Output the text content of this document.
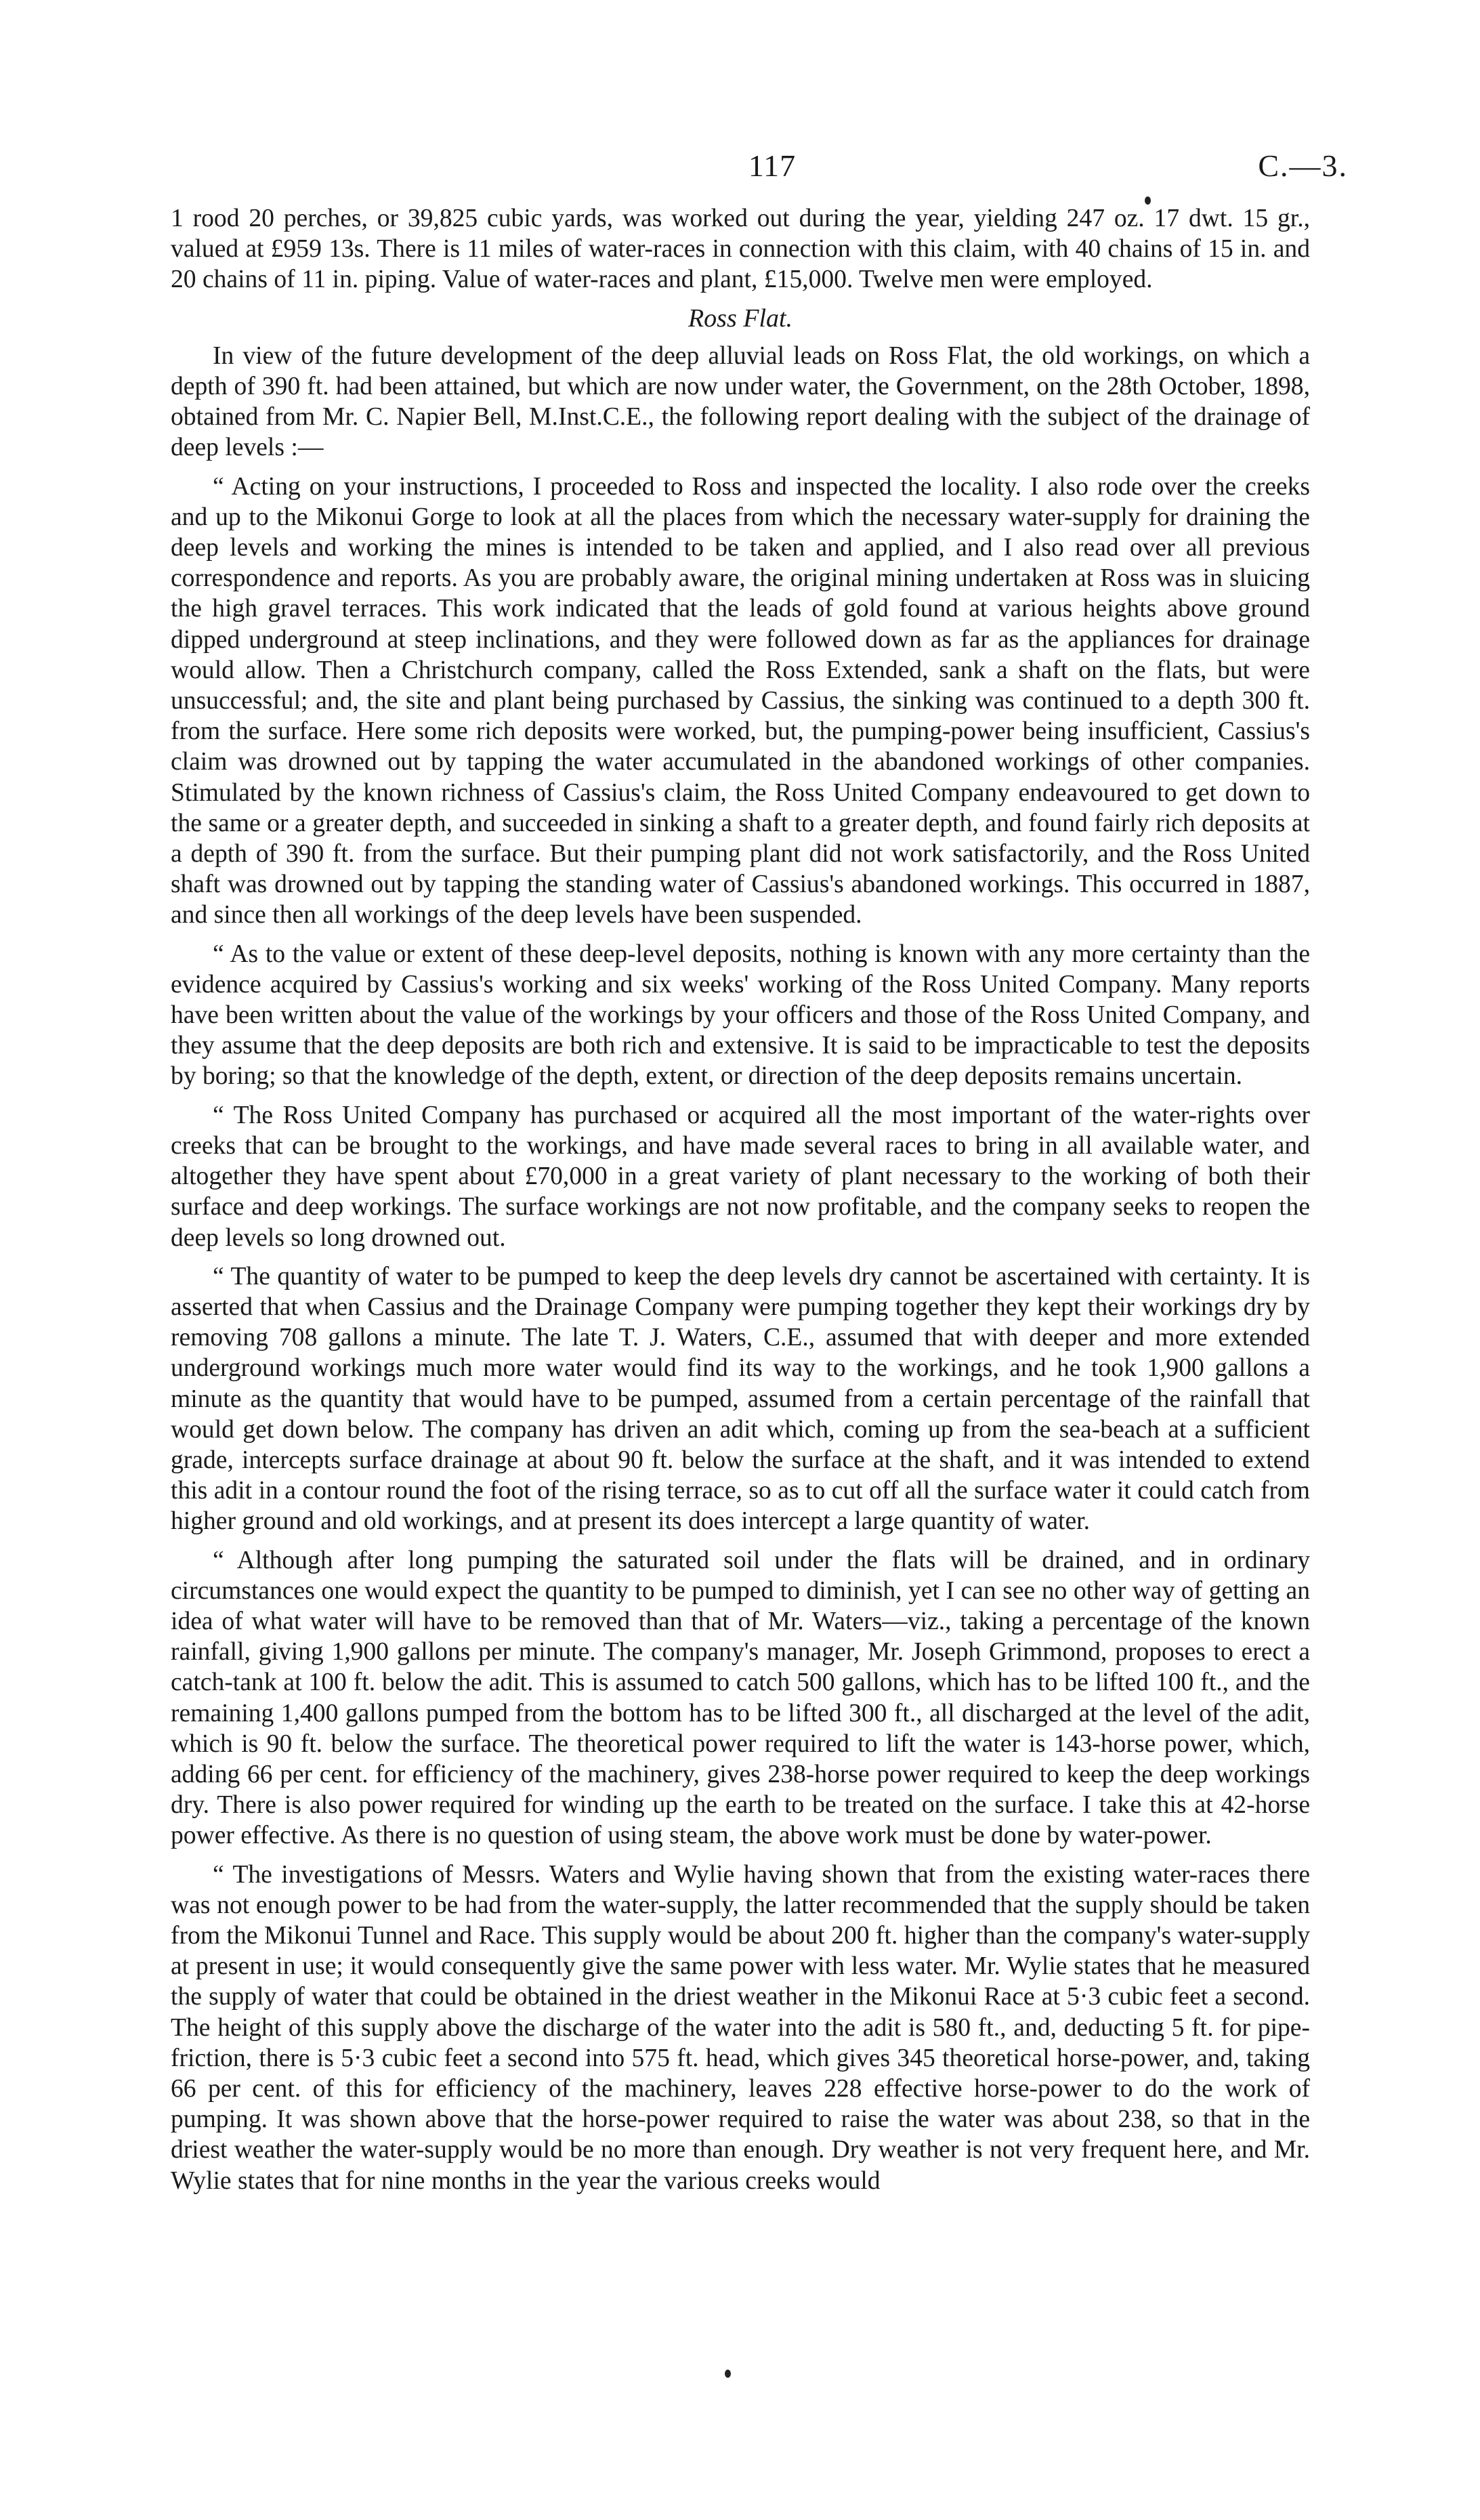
117	C.—3.

1 rood 20 perches, or 39,825 cubic yards, was worked out during the year, yielding 247 oz. 17 dwt. 15 gr., valued at £959 13s. There is 11 miles of water-races in connection with this claim, with 40 chains of 15 in. and 20 chains of 11 in. piping. Value of water-races and plant, £15,000. Twelve men were employed.

Ross Flat.

In view of the future development of the deep alluvial leads on Ross Flat, the old workings, on which a depth of 390 ft. had been attained, but which are now under water, the Government, on the 28th October, 1898, obtained from Mr. C. Napier Bell, M.Inst.C.E., the following report dealing with the subject of the drainage of deep levels :—

“ Acting on your instructions, I proceeded to Ross and inspected the locality. I also rode over the creeks and up to the Mikonui Gorge to look at all the places from which the necessary water-supply for draining the deep levels and working the mines is intended to be taken and applied, and I also read over all previous correspondence and reports. As you are probably aware, the original mining undertaken at Ross was in sluicing the high gravel terraces. This work indicated that the leads of gold found at various heights above ground dipped underground at steep inclinations, and they were followed down as far as the appliances for drainage would allow. Then a Christchurch company, called the Ross Extended, sank a shaft on the flats, but were unsuccessful; and, the site and plant being purchased by Cassius, the sinking was continued to a depth 300 ft. from the surface. Here some rich deposits were worked, but, the pumping-power being insufficient, Cassius's claim was drowned out by tapping the water accumulated in the abandoned workings of other companies. Stimulated by the known richness of Cassius's claim, the Ross United Company endeavoured to get down to the same or a greater depth, and succeeded in sinking a shaft to a greater depth, and found fairly rich deposits at a depth of 390 ft. from the surface. But their pumping plant did not work satisfactorily, and the Ross United shaft was drowned out by tapping the standing water of Cassius's abandoned workings. This occurred in 1887, and since then all workings of the deep levels have been suspended.

“ As to the value or extent of these deep-level deposits, nothing is known with any more certainty than the evidence acquired by Cassius's working and six weeks' working of the Ross United Company. Many reports have been written about the value of the workings by your officers and those of the Ross United Company, and they assume that the deep deposits are both rich and extensive. It is said to be impracticable to test the deposits by boring; so that the knowledge of the depth, extent, or direction of the deep deposits remains uncertain.

“ The Ross United Company has purchased or acquired all the most important of the water-rights over creeks that can be brought to the workings, and have made several races to bring in all available water, and altogether they have spent about £70,000 in a great variety of plant necessary to the working of both their surface and deep workings. The surface workings are not now profitable, and the company seeks to reopen the deep levels so long drowned out.

“ The quantity of water to be pumped to keep the deep levels dry cannot be ascertained with certainty. It is asserted that when Cassius and the Drainage Company were pumping together they kept their workings dry by removing 708 gallons a minute. The late T. J. Waters, C.E., assumed that with deeper and more extended underground workings much more water would find its way to the workings, and he took 1,900 gallons a minute as the quantity that would have to be pumped, assumed from a certain percentage of the rainfall that would get down below. The company has driven an adit which, coming up from the sea-beach at a sufficient grade, intercepts surface drainage at about 90 ft. below the surface at the shaft, and it was intended to extend this adit in a contour round the foot of the rising terrace, so as to cut off all the surface water it could catch from higher ground and old workings, and at present its does intercept a large quantity of water.

“ Although after long pumping the saturated soil under the flats will be drained, and in ordinary circumstances one would expect the quantity to be pumped to diminish, yet I can see no other way of getting an idea of what water will have to be removed than that of Mr. Waters—viz., taking a percentage of the known rainfall, giving 1,900 gallons per minute. The company's manager, Mr. Joseph Grimmond, proposes to erect a catch-tank at 100 ft. below the adit. This is assumed to catch 500 gallons, which has to be lifted 100 ft., and the remaining 1,400 gallons pumped from the bottom has to be lifted 300 ft., all discharged at the level of the adit, which is 90 ft. below the surface. The theoretical power required to lift the water is 143-horse power, which, adding 66 per cent. for efficiency of the machinery, gives 238-horse power required to keep the deep workings dry. There is also power required for winding up the earth to be treated on the surface. I take this at 42-horse power effective. As there is no question of using steam, the above work must be done by water-power.

“ The investigations of Messrs. Waters and Wylie having shown that from the existing water-races there was not enough power to be had from the water-supply, the latter recommended that the supply should be taken from the Mikonui Tunnel and Race. This supply would be about 200 ft. higher than the company's water-supply at present in use; it would consequently give the same power with less water. Mr. Wylie states that he measured the supply of water that could be obtained in the driest weather in the Mikonui Race at 5·3 cubic feet a second. The height of this supply above the discharge of the water into the adit is 580 ft., and, deducting 5 ft. for pipe-friction, there is 5·3 cubic feet a second into 575 ft. head, which gives 345 theoretical horse-power, and, taking 66 per cent. of this for efficiency of the machinery, leaves 228 effective horse-power to do the work of pumping. It was shown above that the horse-power required to raise the water was about 238, so that in the driest weather the water-supply would be no more than enough. Dry weather is not very frequent here, and Mr. Wylie states that for nine months in the year the various creeks would
